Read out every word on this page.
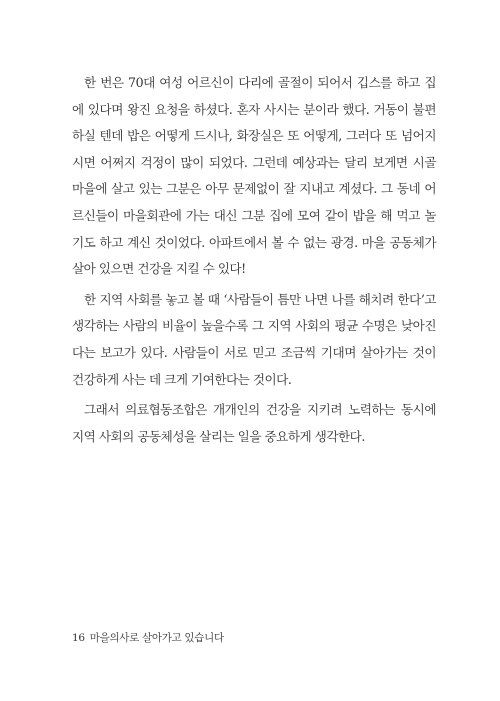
한 번은 70대 여성 어르신이 다리에 골절이 되어서 깁스를 하고 집
에 있다며 왕진 요청을 하셨다. 혼자 사시는 분이라 했다. 거동이 불편
하실 텐데 밥은 어떻게 드시나, 화장실은 또 어떻게, 그러다 또 넘어지
시면 어쩌지 걱정이 많이 되었다. 그런데 예상과는 달리 보게면 시골
마을에 살고 있는 그분은 아무 문제없이 잘 지내고 계셨다. 그 동네 어
르신들이 마을회관에 가는 대신 그분 집에 모여 같이 밥을 해 먹고 놀
기도 하고 계신 것이었다. 아파트에서 볼 수 없는 광경. 마을 공동체가
살아 있으면 건강을 지킬 수 있다!
한 지역 사회를 놓고 볼 때 ‘사람들이 틈만 나면 나를 해치려 한다’고
생각하는 사람의 비율이 높을수록 그 지역 사회의 평균 수명은 낮아진
다는 보고가 있다. 사람들이 서로 믿고 조금씩 기대며 살아가는 것이
건강하게 사는 데 크게 기여한다는 것이다.
그래서 의료협동조합은 개개인의 건강을 지키려 노력하는 동시에
지역 사회의 공동체성을 살리는 일을 중요하게 생각한다.
16 마을의사로 살아가고 있습니다
